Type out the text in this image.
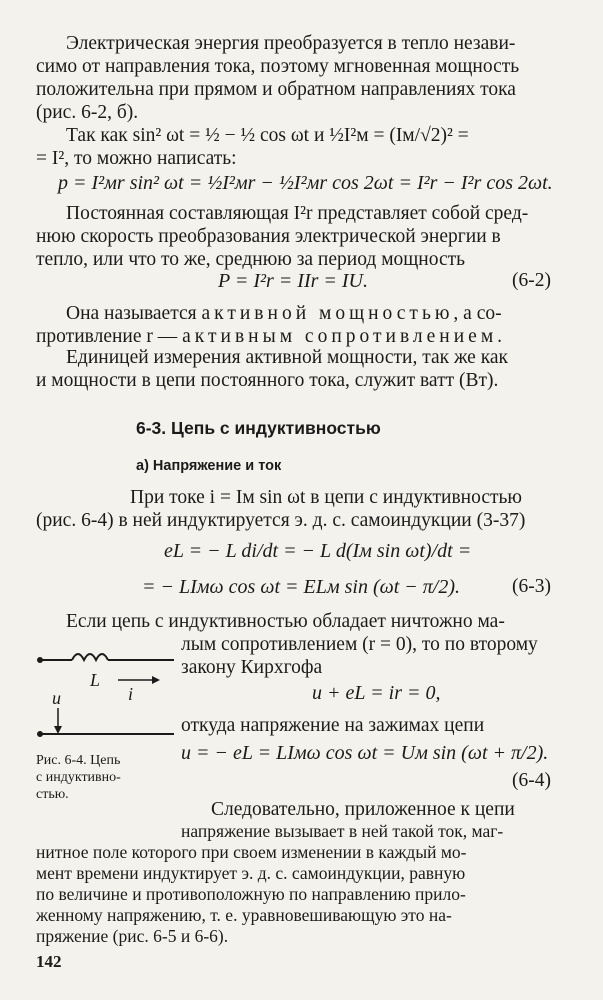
Электрическая энергия преобразуется в тепло незави-
симо от направления тока, поэтому мгновенная мощность
положительна при прямом и обратном направлениях тока
(рис. 6-2, б).
Так как sin² ωt = ½ − ½ cos ωt и ½I²м = (Iм/√2)² =
= I², то можно написать:
p = I²мr sin² ωt = ½I²мr − ½I²мr cos 2ωt = I²r − I²r cos 2ωt.
Постоянная составляющая I²r представляет собой сред-
нюю скорость преобразования электрической энергии в
тепло, или что то же, среднюю за период мощность
P = I²r = IIr = IU.	(6-2)
Она называется активной мощностью, а со-
противление r — активным сопротивлением.
Единицей измерения активной мощности, так же как
и мощности в цепи постоянного тока, служит ватт (Вт).
6-3. Цепь с индуктивностью
а) Напряжение и ток
При токе i = Iм sin ωt в цепи с индуктивностью
(рис. 6-4) в ней индуктируется э. д. с. самоиндукции (3-37)
eL = − L di/dt = − L d(Iм sin ωt)/dt =
= − LIмω cos ωt = ELм sin (ωt − π/2).	(6-3)
Если цепь с индуктивностью обладает ничтожно ма-
лым сопротивлением (r = 0), то по второму
закону Кирхгофа
L
i
u	u + eL = ir = 0,
откуда напряжение на зажимах цепи
u = − eL = LIмω cos ωt = Uм sin (ωt + π/2).
(6-4)
Рис. 6-4. Цепь
с индуктивно-
стью.
Следовательно, приложенное к цепи
напряжение вызывает в ней такой ток, маг-
нитное поле которого при своем изменении в каждый мо-
мент времени индуктирует э. д. с. самоиндукции, равную
по величине и противоположную по направлению прило-
женному напряжению, т. е. уравновешивающую это на-
пряжение (рис. 6-5 и 6-6).
142
